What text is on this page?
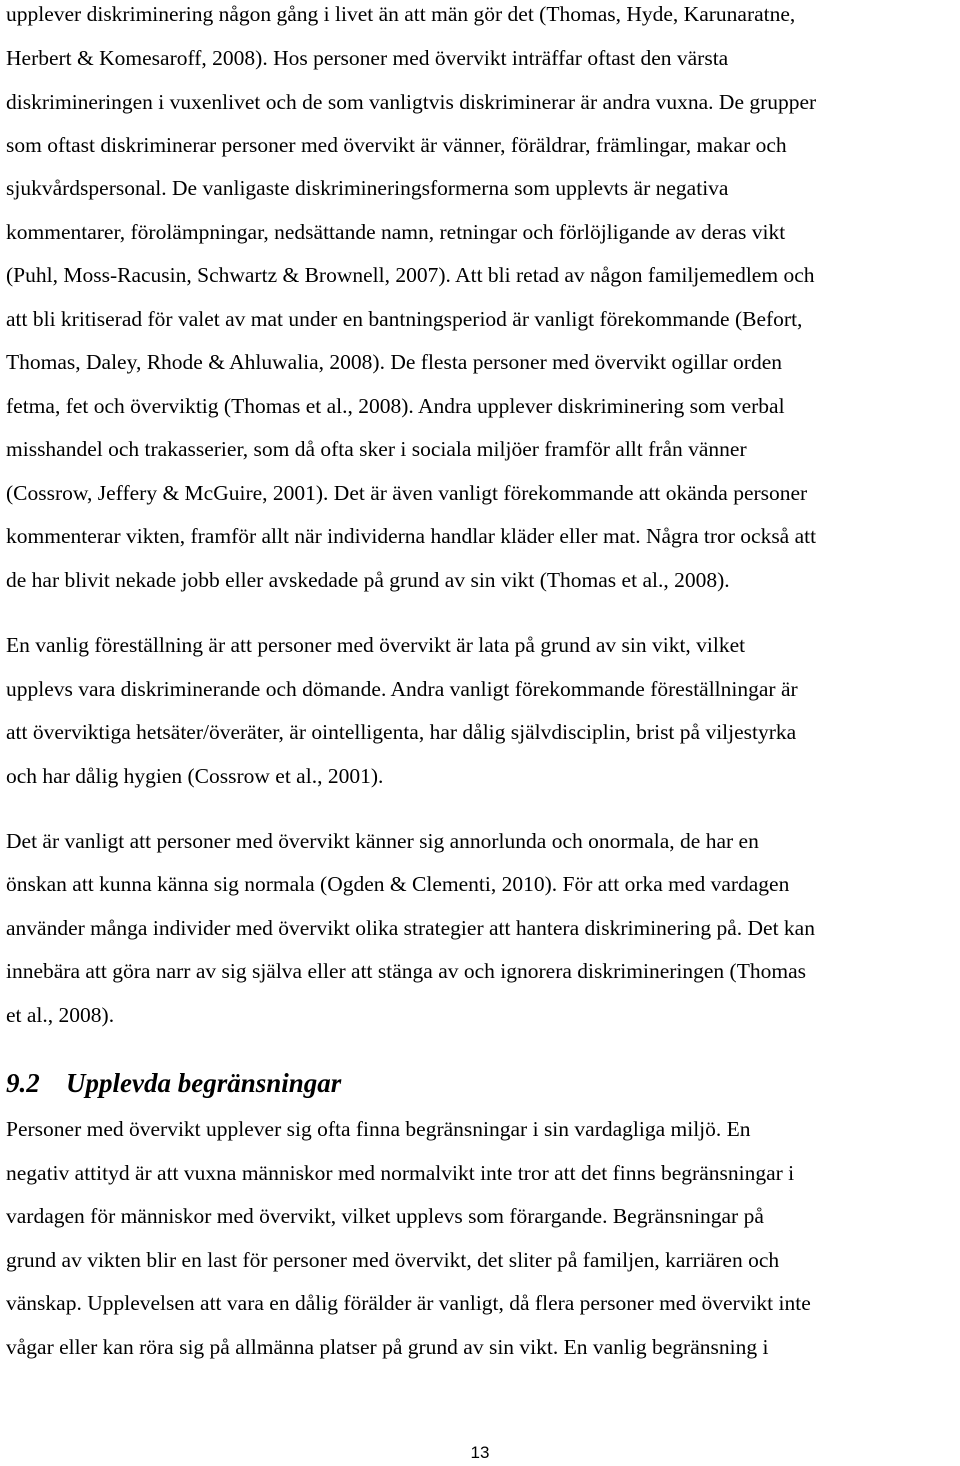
upplever diskriminering någon gång i livet än att män gör det (Thomas, Hyde, Karunaratne,
Herbert & Komesaroff, 2008). Hos personer med övervikt inträffar oftast den värsta
diskrimineringen i vuxenlivet och de som vanligtvis diskriminerar är andra vuxna. De grupper
som oftast diskriminerar personer med övervikt är vänner, föräldrar, främlingar, makar och
sjukvårdspersonal. De vanligaste diskrimineringsformerna som upplevts är negativa
kommentarer, förolämpningar, nedsättande namn, retningar och förlöjligande av deras vikt
(Puhl, Moss-Racusin, Schwartz & Brownell, 2007). Att bli retad av någon familjemedlem och
att bli kritiserad för valet av mat under en bantningsperiod är vanligt förekommande (Befort,
Thomas, Daley, Rhode & Ahluwalia, 2008). De flesta personer med övervikt ogillar orden
fetma, fet och överviktig (Thomas et al., 2008). Andra upplever diskriminering som verbal
misshandel och trakasserier, som då ofta sker i sociala miljöer framför allt från vänner
(Cossrow, Jeffery & McGuire, 2001). Det är även vanligt förekommande att okända personer
kommenterar vikten, framför allt när individerna handlar kläder eller mat. Några tror också att
de har blivit nekade jobb eller avskedade på grund av sin vikt (Thomas et al., 2008).
En vanlig föreställning är att personer med övervikt är lata på grund av sin vikt, vilket
upplevs vara diskriminerande och dömande. Andra vanligt förekommande föreställningar är
att överviktiga hetsäter/överäter, är ointelligenta, har dålig självdisciplin, brist på viljestyrka
och har dålig hygien (Cossrow et al., 2001).
Det är vanligt att personer med övervikt känner sig annorlunda och onormala, de har en
önskan att kunna känna sig normala (Ogden & Clementi, 2010). För att orka med vardagen
använder många individer med övervikt olika strategier att hantera diskriminering på. Det kan
innebära att göra narr av sig själva eller att stänga av och ignorera diskrimineringen (Thomas
et al., 2008).
9.2 Upplevda begränsningar
Personer med övervikt upplever sig ofta finna begränsningar i sin vardagliga miljö. En
negativ attityd är att vuxna människor med normalvikt inte tror att det finns begränsningar i
vardagen för människor med övervikt, vilket upplevs som förargande. Begränsningar på
grund av vikten blir en last för personer med övervikt, det sliter på familjen, karriären och
vänskap. Upplevelsen att vara en dålig förälder är vanligt, då flera personer med övervikt inte
vågar eller kan röra sig på allmänna platser på grund av sin vikt. En vanlig begränsning i
13
